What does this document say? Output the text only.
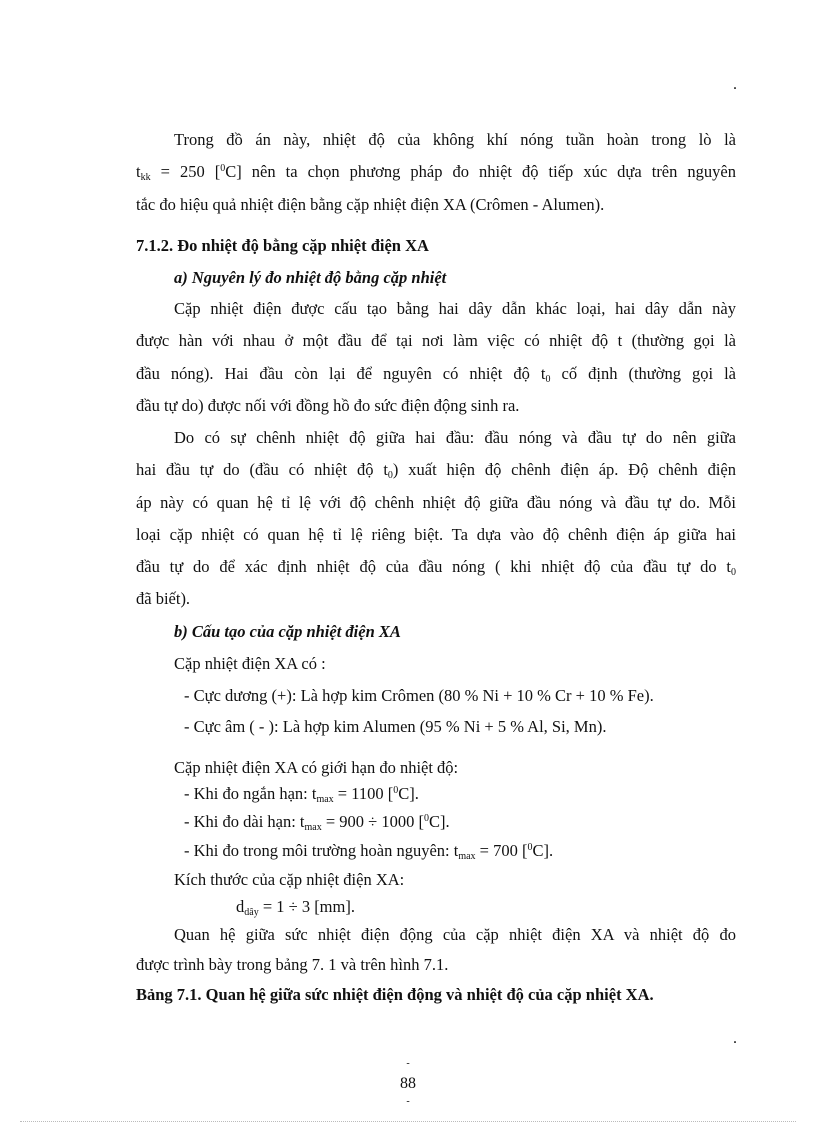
.
Trong đồ án này, nhiệt độ của không khí nóng tuần hoàn trong lò là
$t_{kk} = 250$ [$^0$C] nên ta chọn phương pháp đo nhiệt độ tiếp xúc dựa trên nguyên
tắc đo hiệu quả nhiệt điện bằng cặp nhiệt điện XA (Crômen - Alumen).
7.1.2. Đo nhiệt độ bằng cặp nhiệt điện XA
a) Nguyên lý đo nhiệt độ bằng cặp nhiệt
Cặp nhiệt điện được cấu tạo bằng hai dây dẫn khác loại, hai dây dẫn này
được hàn với nhau ở một đầu để tại nơi làm việc có nhiệt độ t (thường gọi là
đầu nóng). Hai đầu còn lại để nguyên có nhiệt độ $t_0$ cố định (thường gọi là
đầu tự do) được nối với đồng hồ đo sức điện động sinh ra.
Do có sự chênh nhiệt độ giữa hai đầu: đầu nóng và đầu tự do nên giữa
hai đầu tự do (đầu có nhiệt độ $t_0$) xuất hiện độ chênh điện áp. Độ chênh điện
áp này có quan hệ tỉ lệ với độ chênh nhiệt độ giữa đầu nóng và đầu tự do. Mỗi
loại cặp nhiệt có quan hệ tỉ lệ riêng biệt. Ta dựa vào độ chênh điện áp giữa hai
đầu tự do để xác định nhiệt độ của đầu nóng ( khi nhiệt độ của đầu tự do $t_0$
đã biết).
b) Cấu tạo của cặp nhiệt điện XA
Cặp nhiệt điện XA có :
- Cực dương (+): Là hợp kim Crômen (80 % Ni + 10 % Cr + 10 % Fe).
- Cực âm ( - ): Là hợp kim Alumen (95 % Ni + 5 % Al, Si, Mn).
Cặp nhiệt điện XA có giới hạn đo nhiệt độ:
- Khi đo ngắn hạn: $t_{max} = 1100$ [$^0$C].
- Khi đo dài hạn: $t_{max} = 900 \div 1000$ [$^0$C].
- Khi đo trong môi trường hoàn nguyên: $t_{max} = 700$ [$^0$C].
Kích thước của cặp nhiệt điện XA:
$d_{dây} = 1 \div 3$ [mm].
Quan hệ giữa sức nhiệt điện động của cặp nhiệt điện XA và nhiệt độ đo
được trình bày trong bảng 7. 1 và trên hình 7.1.
Bảng 7.1. Quan hệ giữa sức nhiệt điện động và nhiệt độ của cặp nhiệt XA.
.
-
88
-
